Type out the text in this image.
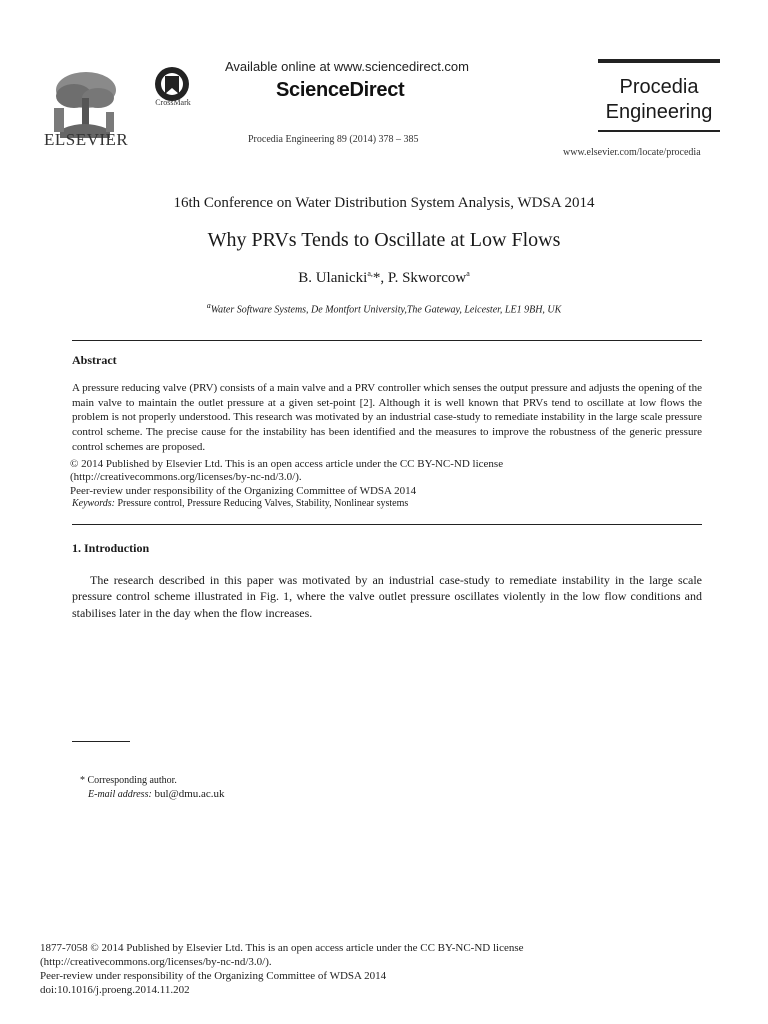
ELSEVIER
CrossMark
Available online at www.sciencedirect.com
ScienceDirect
Procedia Engineering 89 (2014) 378 – 385
Procedia
Engineering
www.elsevier.com/locate/procedia
16th Conference on Water Distribution System Analysis, WDSA 2014
Why PRVs Tends to Oscillate at Low Flows
B. Ulanicki$^{a,}$*, P. Skworcow$^a$
$^a$Water Software Systems, De Montfort University,The Gateway, Leicester, LE1 9BH, UK
Abstract
A pressure reducing valve (PRV) consists of a main valve and a PRV controller which senses the output pressure and adjusts the opening of the main valve to maintain the outlet pressure at a given set-point [2]. Although it is well known that PRVs tend to oscillate at low flows the problem is not properly understood. This research was motivated by an industrial case-study to remediate instability in the large scale pressure control scheme. The precise cause for the instability has been identified and the measures to improve the robustness of the generic pressure control schemes are proposed.
© 2014 Published by Elsevier Ltd. This is an open access article under the CC BY-NC-ND license
(http://creativecommons.org/licenses/by-nc-nd/3.0/).
Peer-review under responsibility of the Organizing Committee of WDSA 2014
Keywords: Pressure control, Pressure Reducing Valves, Stability, Nonlinear systems
1. Introduction
The research described in this paper was motivated by an industrial case-study to remediate instability in the large scale pressure control scheme illustrated in Fig. 1, where the valve outlet pressure oscillates violently in the low flow conditions and stabilises later in the day when the flow increases.
* Corresponding author.
E-mail address: bul@dmu.ac.uk
1877-7058 © 2014 Published by Elsevier Ltd. This is an open access article under the CC BY-NC-ND license
(http://creativecommons.org/licenses/by-nc-nd/3.0/).
Peer-review under responsibility of the Organizing Committee of WDSA 2014
doi:10.1016/j.proeng.2014.11.202
